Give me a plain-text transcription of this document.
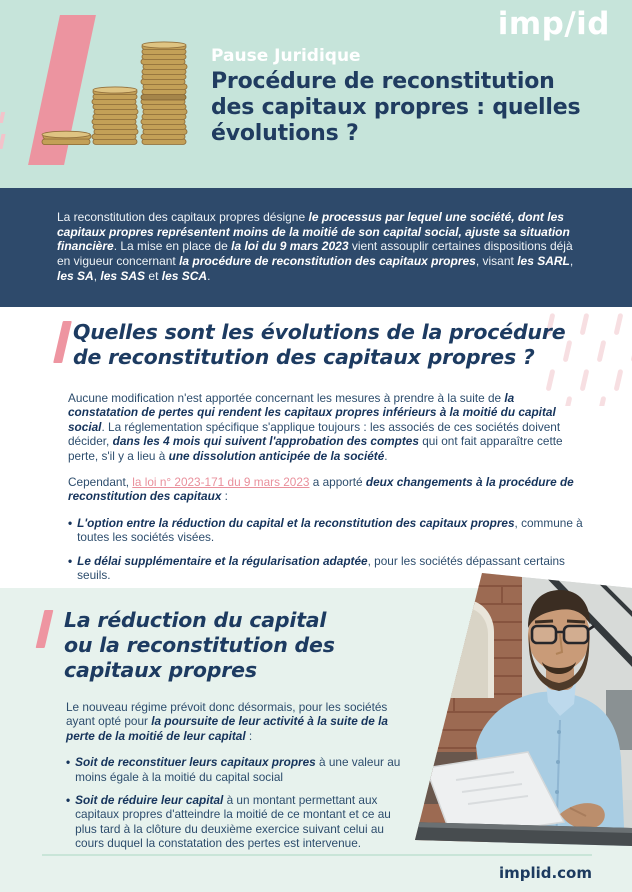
Pause Juridique
Procédure de reconstitution
des capitaux propres : quelles
évolutions ?
imp/id

La reconstitution des capitaux propres désigne le processus par lequel une société, dont les capitaux propres représentent moins de la moitié de son capital social, ajuste sa situation financière. La mise en place de la loi du 9 mars 2023 vient assouplir certaines dispositions déjà en vigueur concernant la procédure de reconstitution des capitaux propres, visant les SARL, les SA, les SAS et les SCA.

Quelles sont les évolutions de la procédure
de reconstitution des capitaux propres ?

Aucune modification n'est apportée concernant les mesures à prendre à la suite de la constatation de pertes qui rendent les capitaux propres inférieurs à la moitié du capital social. La réglementation spécifique s'applique toujours : les associés de ces sociétés doivent décider, dans les 4 mois qui suivent l'approbation des comptes qui ont fait apparaître cette perte, s'il y a lieu à une dissolution anticipée de la société.

Cependant, la loi n° 2023-171 du 9 mars 2023 a apporté deux changements à la procédure de reconstitution des capitaux :

• L'option entre la réduction du capital et la reconstitution des capitaux propres, commune à toutes les sociétés visées.
• Le délai supplémentaire et la régularisation adaptée, pour les sociétés dépassant certains seuils.
La réduction du capital
ou la reconstitution des
capitaux propres

Le nouveau régime prévoit donc désormais, pour les sociétés ayant opté pour la poursuite de leur activité à la suite de la perte de la moitié de leur capital :

• Soit de reconstituer leurs capitaux propres à une valeur au moins égale à la moitié du capital social
• Soit de réduire leur capital à un montant permettant aux capitaux propres d'atteindre la moitié de ce montant et ce au plus tard à la clôture du deuxième exercice suivant celui au cours duquel la constatation des pertes est intervenue.
implid.com
